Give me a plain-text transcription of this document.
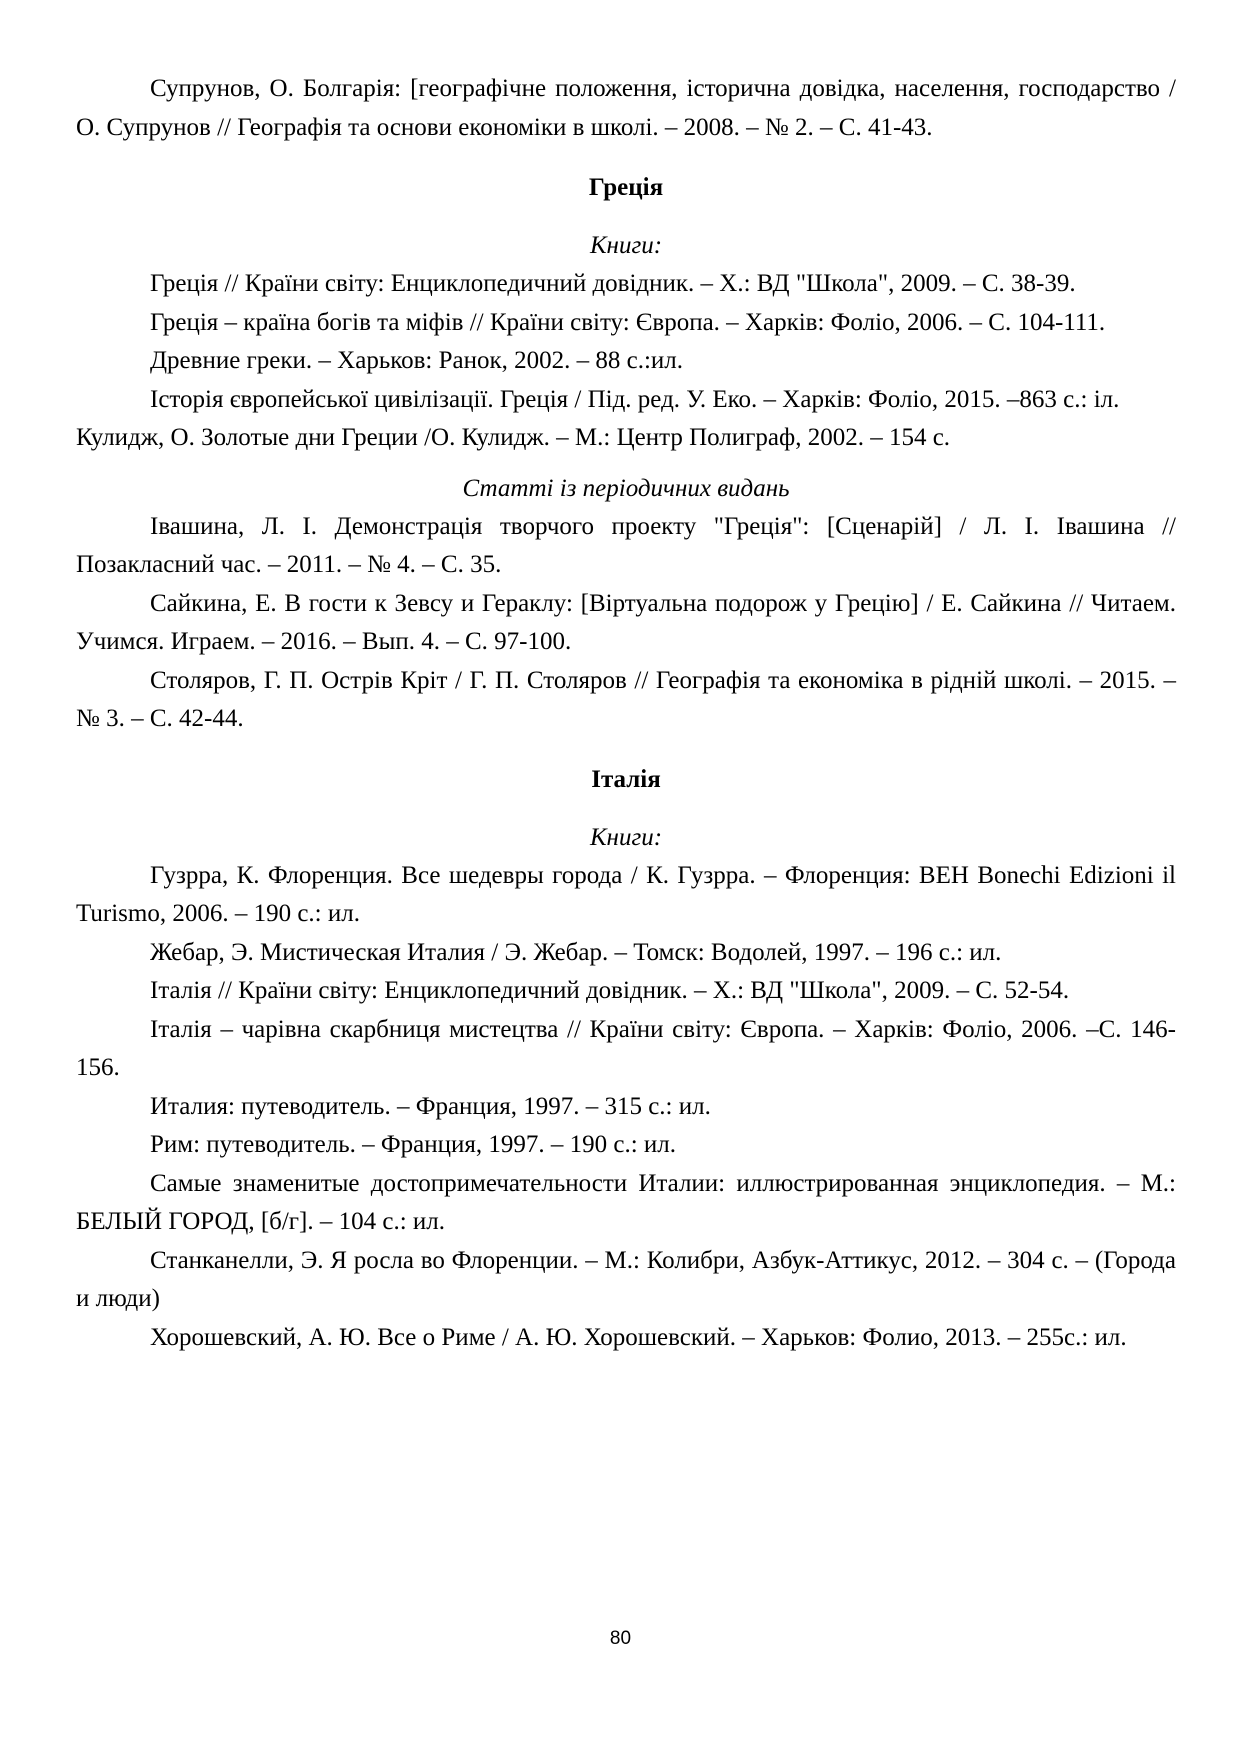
Супрунов, О. Болгарія: [географічне положення, історична довідка, населення, господарство / О. Супрунов // Географія та основи економіки в школі. – 2008. – № 2. – С. 41-43.

Греція
Книги:

Греція // Країни світу: Енциклопедичний довідник. – Х.: ВД "Школа", 2009. – С. 38-39.

Греція – країна богів та міфів // Країни світу: Європа. – Харків: Фоліо, 2006. – С. 104-111.

Древние греки. – Харьков: Ранок, 2002. – 88 с.:ил.

Історія європейської цивілізації. Греція / Під. ред. У. Еко. – Харків: Фоліо, 2015. –863 с.: іл.

Кулидж, О. Золотые дни Греции /О. Кулидж. – М.: Центр Полиграф, 2002. – 154 с.

Статті із періодичних видань

Івашина, Л. І. Демонстрація творчого проекту "Греція": [Сценарій] / Л. І. Івашина // Позакласний час. – 2011. – № 4. – С. 35.

Сайкина, Е. В гости к Зевсу и Гераклу: [Віртуальна подорож у Грецію] / Е. Сайкина // Читаем. Учимся. Играем. – 2016. – Вып. 4. – С. 97-100.

Столяров, Г. П. Острів Кріт / Г. П. Столяров // Географія та економіка в рідній школі. – 2015. – № 3. – С. 42-44.

Італія
Книги:

Гузрра, К. Флоренция. Все шедевры города / К. Гузрра. – Флоренция: BEH Bonechi Edizioni il Turismo, 2006. – 190 с.: ил.

Жебар, Э. Мистическая Италия / Э. Жебар. – Томск: Водолей, 1997. – 196 с.: ил.

Італія // Країни світу: Енциклопедичний довідник. – Х.: ВД "Школа", 2009. – С. 52-54.

Італія – чарівна скарбниця мистецтва // Країни світу: Європа. – Харків: Фоліо, 2006. –С. 146-156.

Италия: путеводитель. – Франция, 1997. – 315 с.: ил.

Рим: путеводитель. – Франция, 1997. – 190 с.: ил.

Самые знаменитые достопримечательности Италии: иллюстрированная энциклопедия. – М.: БЕЛЫЙ ГОРОД, [б/г]. – 104 с.: ил.

Станканелли, Э. Я росла во Флоренции. – М.: Колибри, Азбук-Аттикус, 2012. – 304 с. – (Города и люди)

Хорошевский, А. Ю. Все о Риме / А. Ю. Хорошевский. – Харьков: Фолио, 2013. – 255с.: ил.

80
